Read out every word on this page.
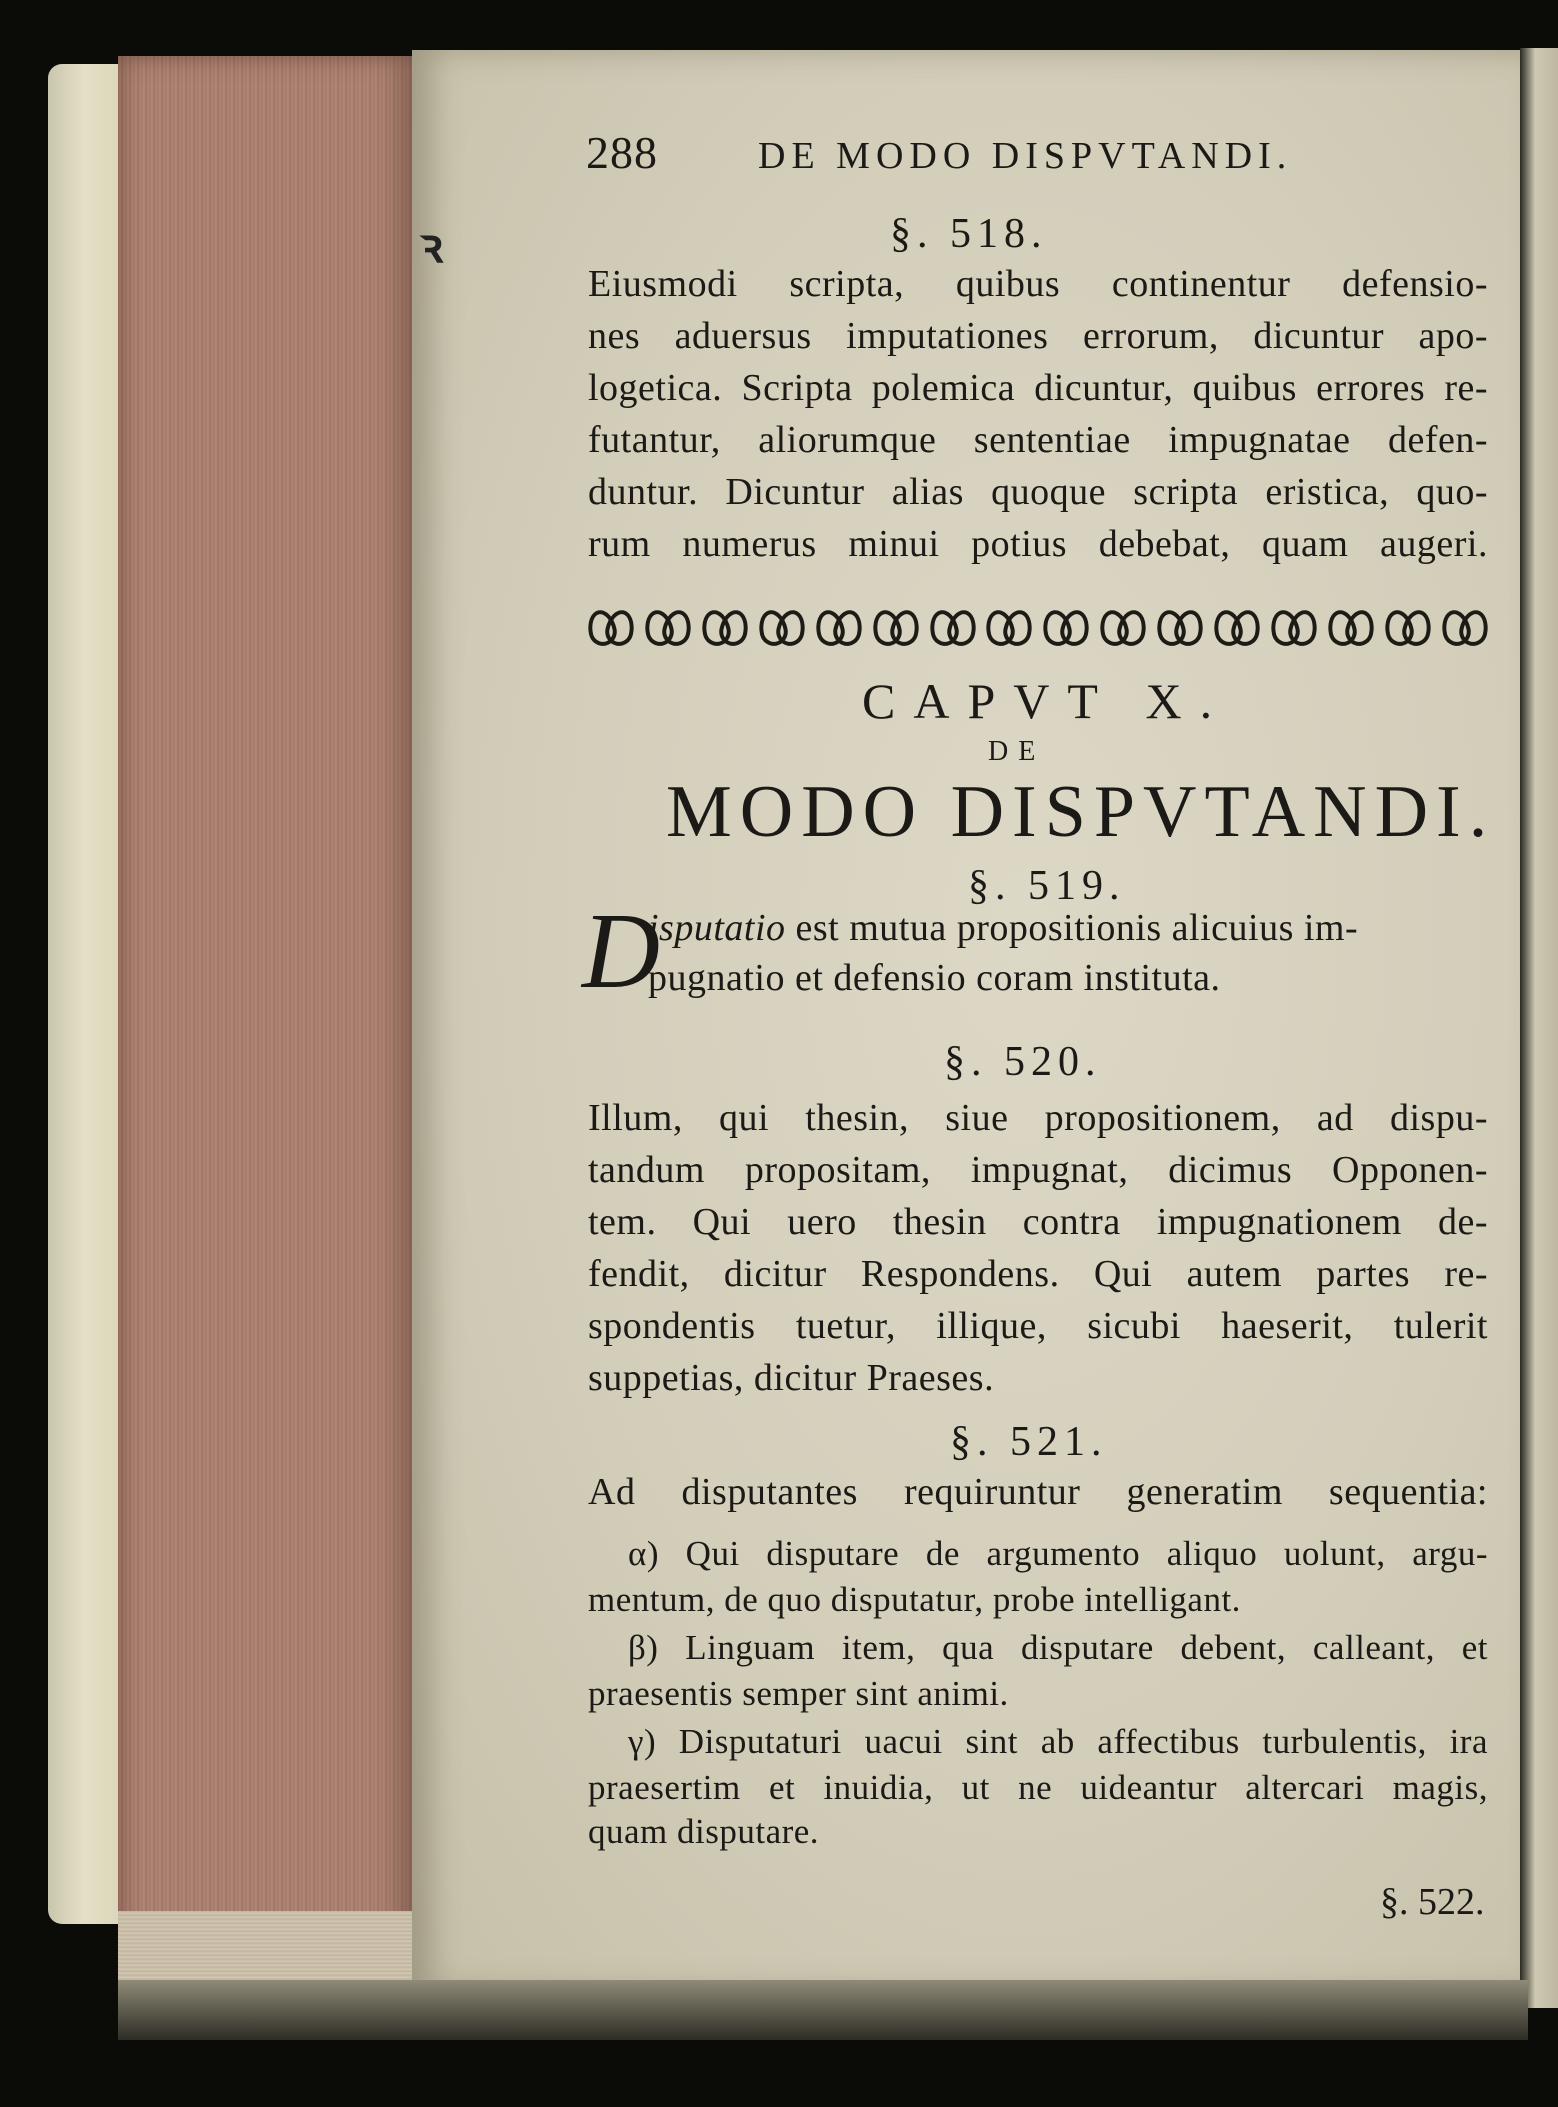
288	DE MODO DISPVTANDI.
ꝛ	§. 518.
Eiusmodi scripta, quibus continentur defensio-
nes aduersus imputationes errorum, dicuntur apo-
logetica. Scripta polemica dicuntur, quibus errores re-
futantur, aliorumque sententiae impugnatae defen-
duntur. Dicuntur alias quoque scripta eristica, quo-
rum numerus minui potius debebat, quam augeri.
CAPVT X.
DE
MODO DISPVTANDI.
§. 519.
D
isputatio est mutua propositionis alicuius im-
pugnatio et defensio coram instituta.
§. 520.
Illum, qui thesin, siue propositionem, ad dispu-
tandum propositam, impugnat, dicimus Opponen-
tem. Qui uero thesin contra impugnationem de-
fendit, dicitur Respondens. Qui autem partes re-
spondentis tuetur, illique, sicubi haeserit, tulerit
suppetias, dicitur Praeses.
§. 521.
Ad disputantes requiruntur generatim sequentia:
α) Qui disputare de argumento aliquo uolunt, argu-
mentum, de quo disputatur, probe intelligant.
β) Linguam item, qua disputare debent, calleant, et
praesentis semper sint animi.
γ) Disputaturi uacui sint ab affectibus turbulentis, ira
praesertim et inuidia, ut ne uideantur altercari magis,
quam disputare.
§. 522.
